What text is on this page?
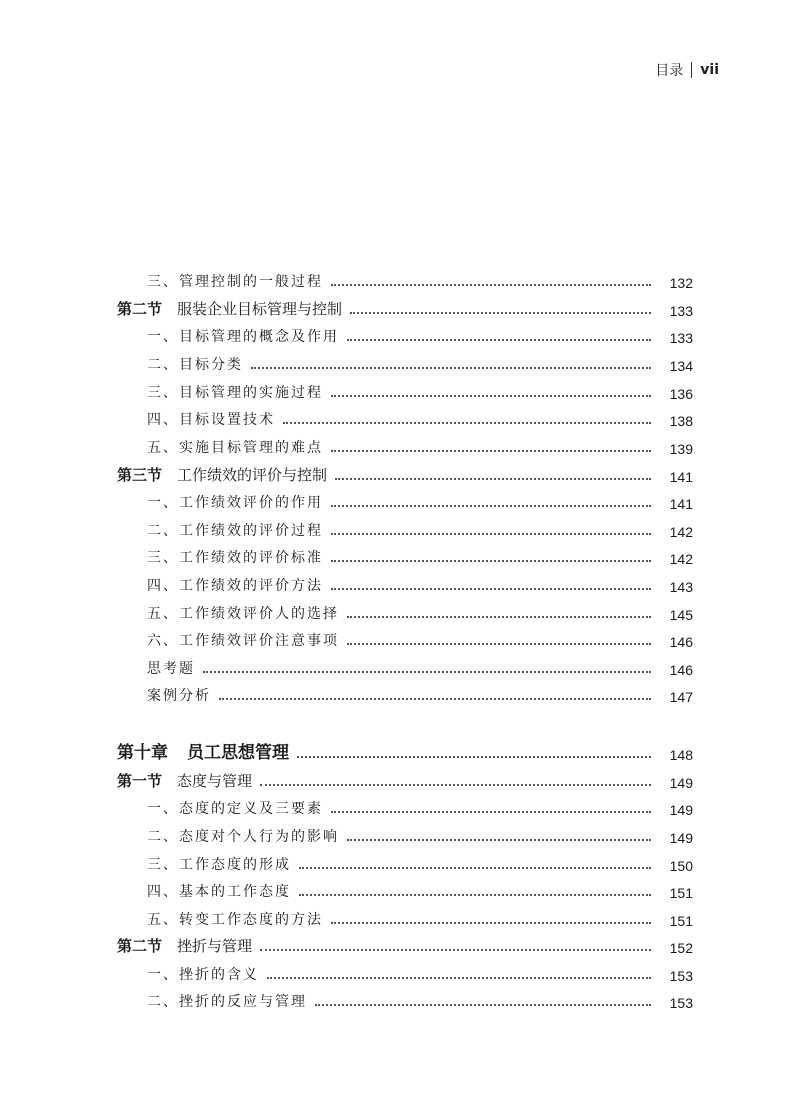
目录 vii
三、管理控制的一般过程	132
第二节 服装企业目标管理与控制	133
一、目标管理的概念及作用	133
二、目标分类	134
三、目标管理的实施过程	136
四、目标设置技术	138
五、实施目标管理的难点	139
第三节 工作绩效的评价与控制	141
一、工作绩效评价的作用	141
二、工作绩效的评价过程	142
三、工作绩效的评价标准	142
四、工作绩效的评价方法	143
五、工作绩效评价人的选择	145
六、工作绩效评价注意事项	146
思考题	146
案例分析	147
第十章 员工思想管理	148
第一节 态度与管理	149
一、态度的定义及三要素	149
二、态度对个人行为的影响	149
三、工作态度的形成	150
四、基本的工作态度	151
五、转变工作态度的方法	151
第二节 挫折与管理	152
一、挫折的含义	153
二、挫折的反应与管理	153
